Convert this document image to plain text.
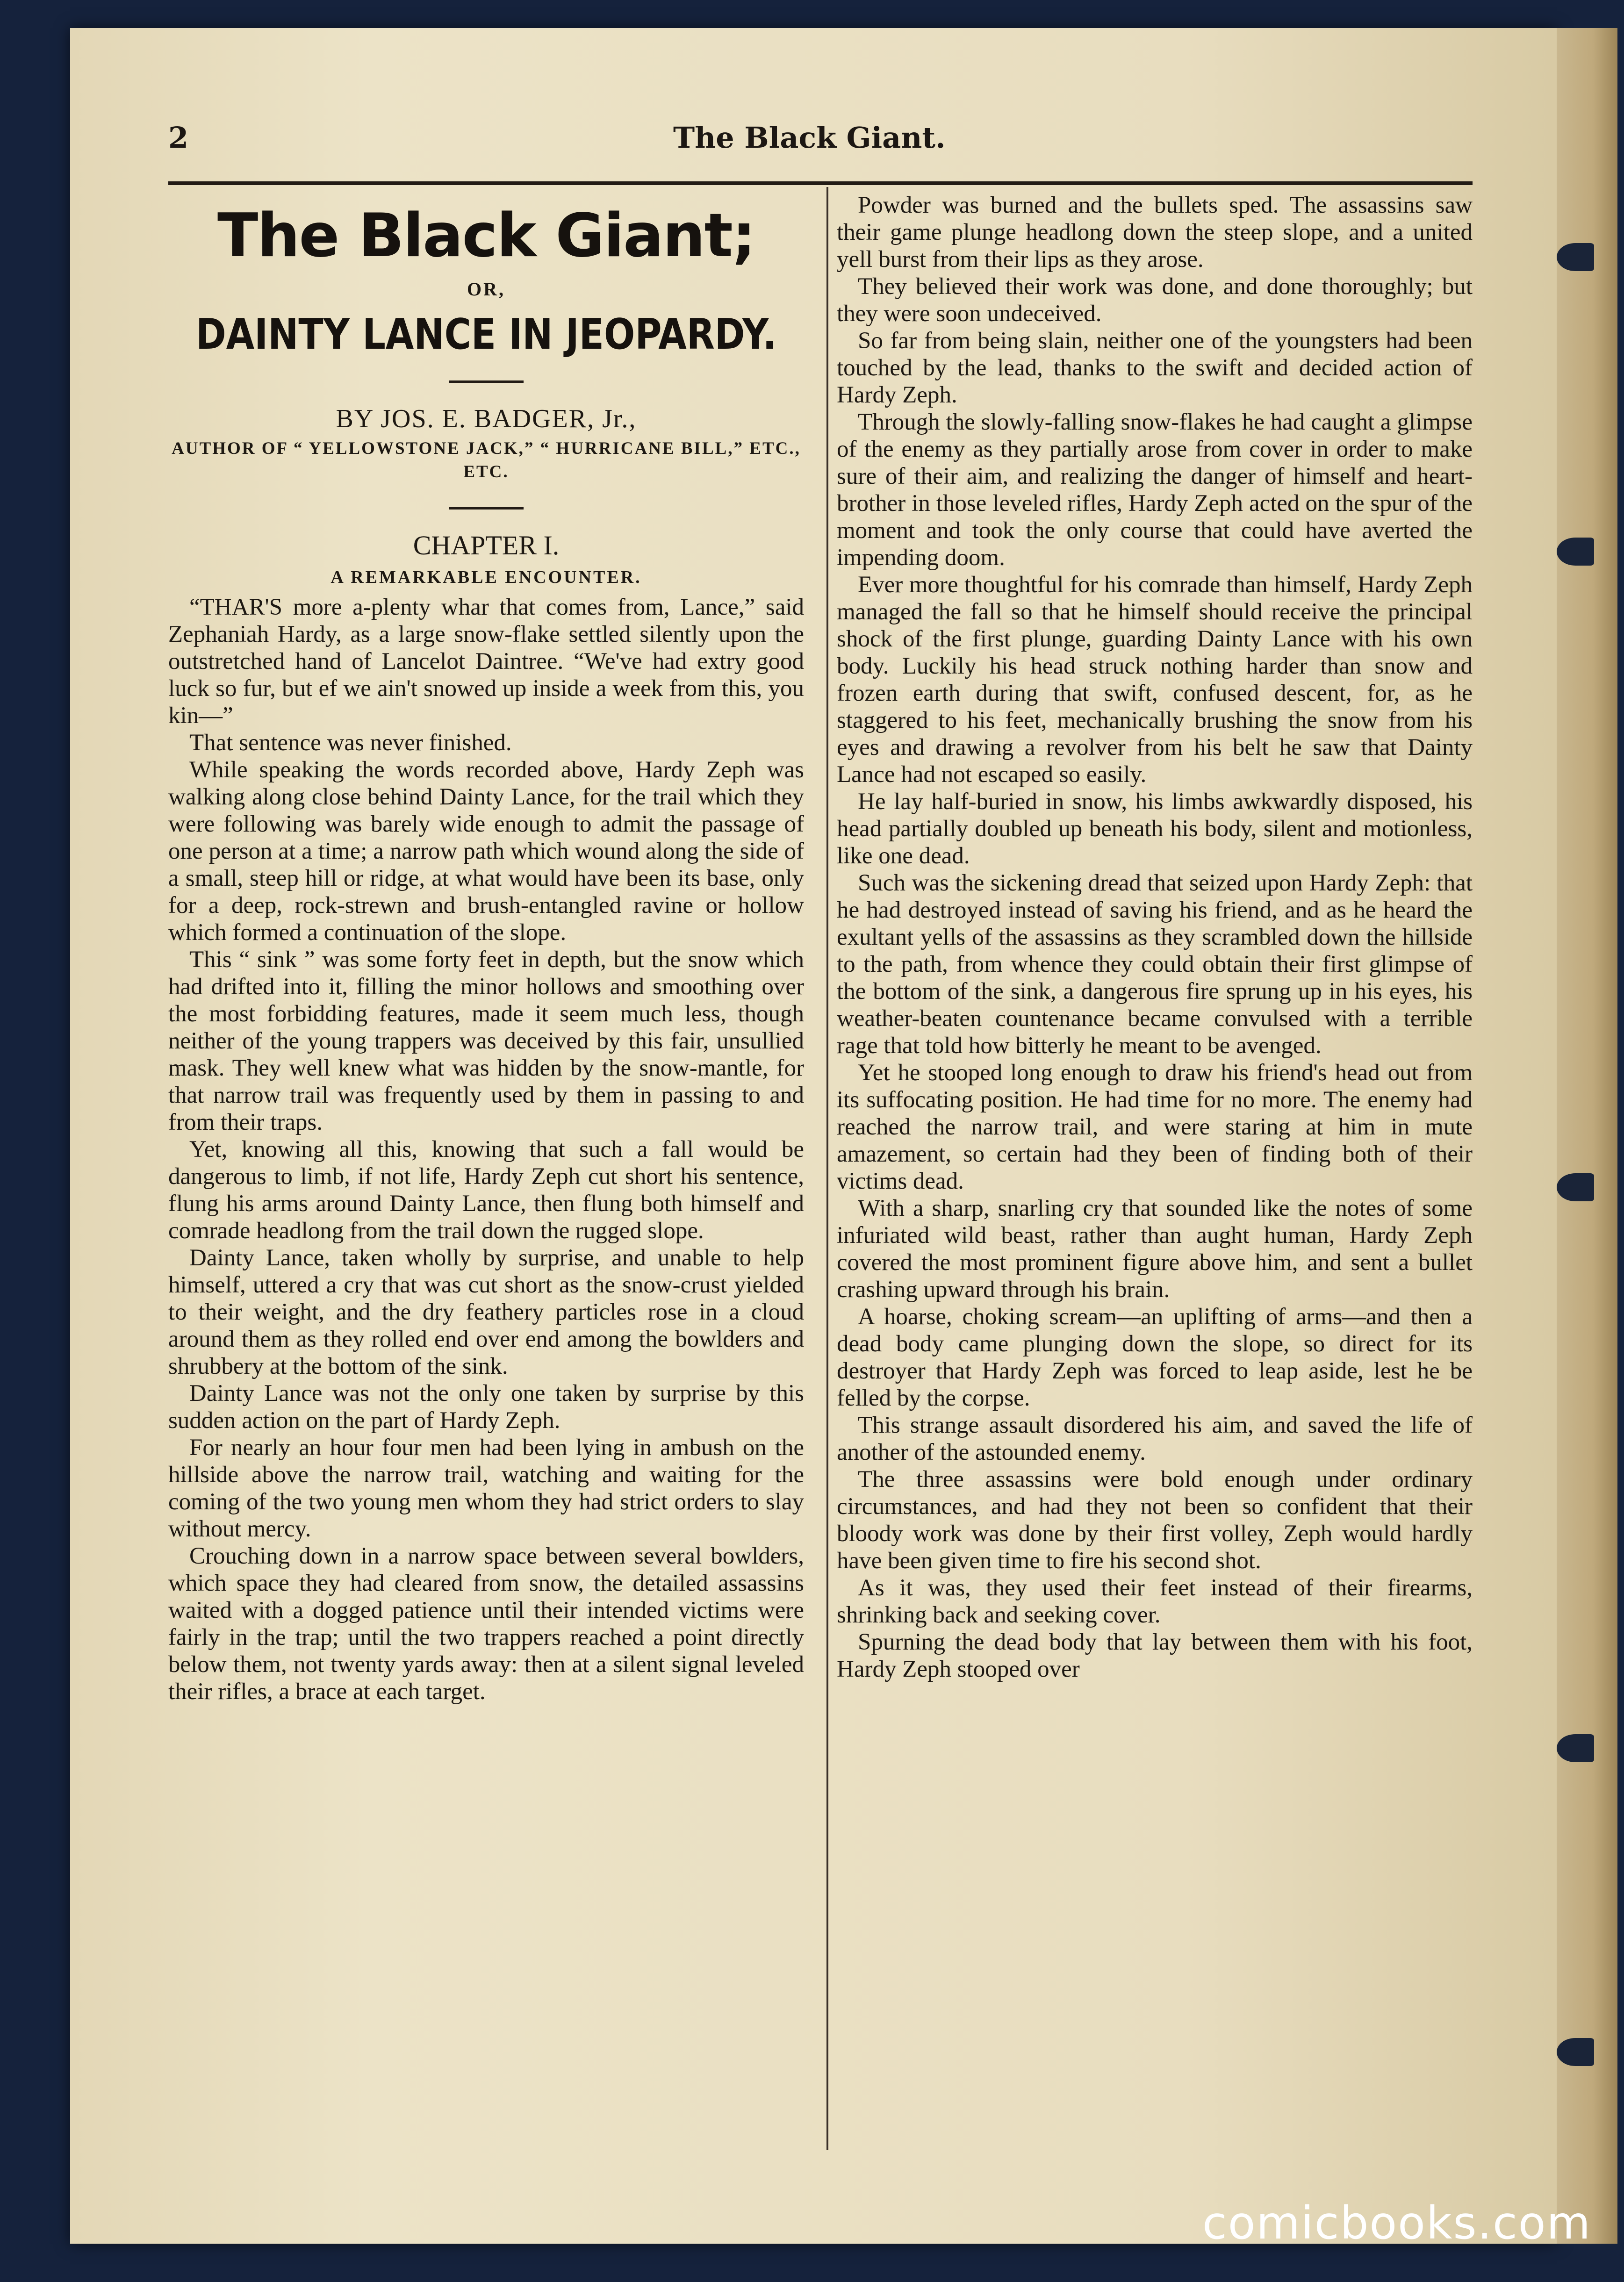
2	The Black Giant.
The Black Giant;
OR,
DAINTY LANCE IN JEOPARDY.
BY JOS. E. BADGER, Jr.,
AUTHOR OF “ YELLOWSTONE JACK,” “ HURRICANE BILL,” ETC., ETC.
CHAPTER I.
A REMARKABLE ENCOUNTER.

“THAR'S more a-plenty whar that comes from, Lance,” said Zephaniah Hardy, as a large snow-flake settled silently upon the outstretched hand of Lancelot Daintree. “We've had extry good luck so fur, but ef we ain't snowed up inside a week from this, you kin—”

That sentence was never finished.

While speaking the words recorded above, Hardy Zeph was walking along close behind Dainty Lance, for the trail which they were following was barely wide enough to admit the passage of one person at a time; a narrow path which wound along the side of a small, steep hill or ridge, at what would have been its base, only for a deep, rock-strewn and brush-entangled ravine or hollow which formed a continuation of the slope.

This “ sink ” was some forty feet in depth, but the snow which had drifted into it, filling the minor hollows and smoothing over the most forbidding features, made it seem much less, though neither of the young trappers was deceived by this fair, unsullied mask. They well knew what was hidden by the snow-mantle, for that narrow trail was frequently used by them in passing to and from their traps.

Yet, knowing all this, knowing that such a fall would be dangerous to limb, if not life, Hardy Zeph cut short his sentence, flung his arms around Dainty Lance, then flung both himself and comrade headlong from the trail down the rugged slope.

Dainty Lance, taken wholly by surprise, and unable to help himself, uttered a cry that was cut short as the snow-crust yielded to their weight, and the dry feathery particles rose in a cloud around them as they rolled end over end among the bowlders and shrubbery at the bottom of the sink.

Dainty Lance was not the only one taken by surprise by this sudden action on the part of Hardy Zeph.

For nearly an hour four men had been lying in ambush on the hillside above the narrow trail, watching and waiting for the coming of the two young men whom they had strict orders to slay without mercy.

Crouching down in a narrow space between several bowlders, which space they had cleared from snow, the detailed assassins waited with a dogged patience until their intended victims were fairly in the trap; until the two trappers reached a point directly below them, not twenty yards away: then at a silent signal leveled their rifles, a brace at each target.

Powder was burned and the bullets sped. The assassins saw their game plunge headlong down the steep slope, and a united yell burst from their lips as they arose.

They believed their work was done, and done thoroughly; but they were soon undeceived.

So far from being slain, neither one of the youngsters had been touched by the lead, thanks to the swift and decided action of Hardy Zeph.

Through the slowly-falling snow-flakes he had caught a glimpse of the enemy as they partially arose from cover in order to make sure of their aim, and realizing the danger of himself and heart-brother in those leveled rifles, Hardy Zeph acted on the spur of the moment and took the only course that could have averted the impending doom.

Ever more thoughtful for his comrade than himself, Hardy Zeph managed the fall so that he himself should receive the principal shock of the first plunge, guarding Dainty Lance with his own body. Luckily his head struck nothing harder than snow and frozen earth during that swift, confused descent, for, as he staggered to his feet, mechanically brushing the snow from his eyes and drawing a revolver from his belt he saw that Dainty Lance had not escaped so easily.

He lay half-buried in snow, his limbs awkwardly disposed, his head partially doubled up beneath his body, silent and motionless, like one dead.

Such was the sickening dread that seized upon Hardy Zeph: that he had destroyed instead of saving his friend, and as he heard the exultant yells of the assassins as they scrambled down the hillside to the path, from whence they could obtain their first glimpse of the bottom of the sink, a dangerous fire sprung up in his eyes, his weather-beaten countenance became convulsed with a terrible rage that told how bitterly he meant to be avenged.

Yet he stooped long enough to draw his friend's head out from its suffocating position. He had time for no more. The enemy had reached the narrow trail, and were staring at him in mute amazement, so certain had they been of finding both of their victims dead.

With a sharp, snarling cry that sounded like the notes of some infuriated wild beast, rather than aught human, Hardy Zeph covered the most prominent figure above him, and sent a bullet crashing upward through his brain.

A hoarse, choking scream—an uplifting of arms—and then a dead body came plunging down the slope, so direct for its destroyer that Hardy Zeph was forced to leap aside, lest he be felled by the corpse.

This strange assault disordered his aim, and saved the life of another of the astounded enemy.

The three assassins were bold enough under ordinary circumstances, and had they not been so confident that their bloody work was done by their first volley, Zeph would hardly have been given time to fire his second shot.

As it was, they used their feet instead of their firearms, shrinking back and seeking cover.

Spurning the dead body that lay between them with his foot, Hardy Zeph stooped over

comicbooks.com
